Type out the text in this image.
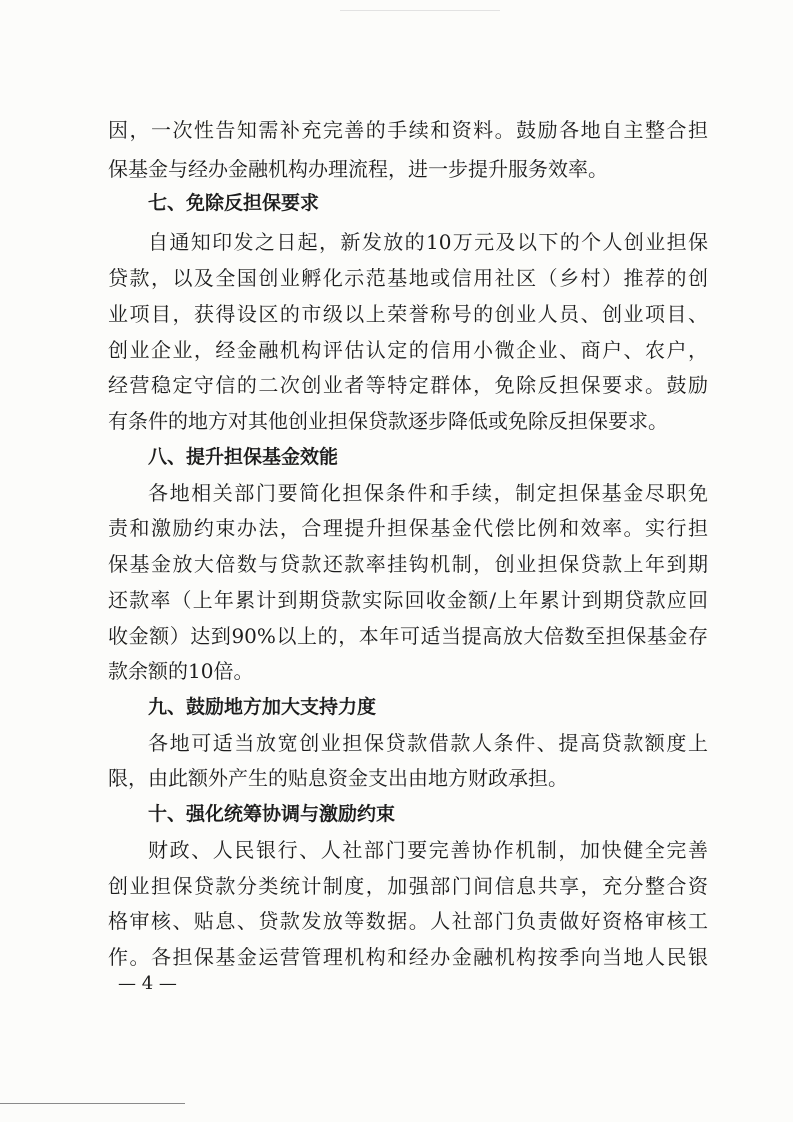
因，一次性告知需补充完善的手续和资料。鼓励各地自主整合担
保基金与经办金融机构办理流程，进一步提升服务效率。
七、免除反担保要求
自通知印发之日起，新发放的10万元及以下的个人创业担保
贷款，以及全国创业孵化示范基地或信用社区（乡村）推荐的创
业项目，获得设区的市级以上荣誉称号的创业人员、创业项目、
创业企业，经金融机构评估认定的信用小微企业、商户、农户，
经营稳定守信的二次创业者等特定群体，免除反担保要求。鼓励
有条件的地方对其他创业担保贷款逐步降低或免除反担保要求。
八、提升担保基金效能
各地相关部门要简化担保条件和手续，制定担保基金尽职免
责和激励约束办法，合理提升担保基金代偿比例和效率。实行担
保基金放大倍数与贷款还款率挂钩机制，创业担保贷款上年到期
还款率（上年累计到期贷款实际回收金额/上年累计到期贷款应回
收金额）达到90%以上的，本年可适当提高放大倍数至担保基金存
款余额的10倍。
九、鼓励地方加大支持力度
各地可适当放宽创业担保贷款借款人条件、提高贷款额度上
限，由此额外产生的贴息资金支出由地方财政承担。
十、强化统筹协调与激励约束
财政、人民银行、人社部门要完善协作机制，加快健全完善
创业担保贷款分类统计制度，加强部门间信息共享，充分整合资
格审核、贴息、贷款发放等数据。人社部门负责做好资格审核工
作。各担保基金运营管理机构和经办金融机构按季向当地人民银
— 4 —
